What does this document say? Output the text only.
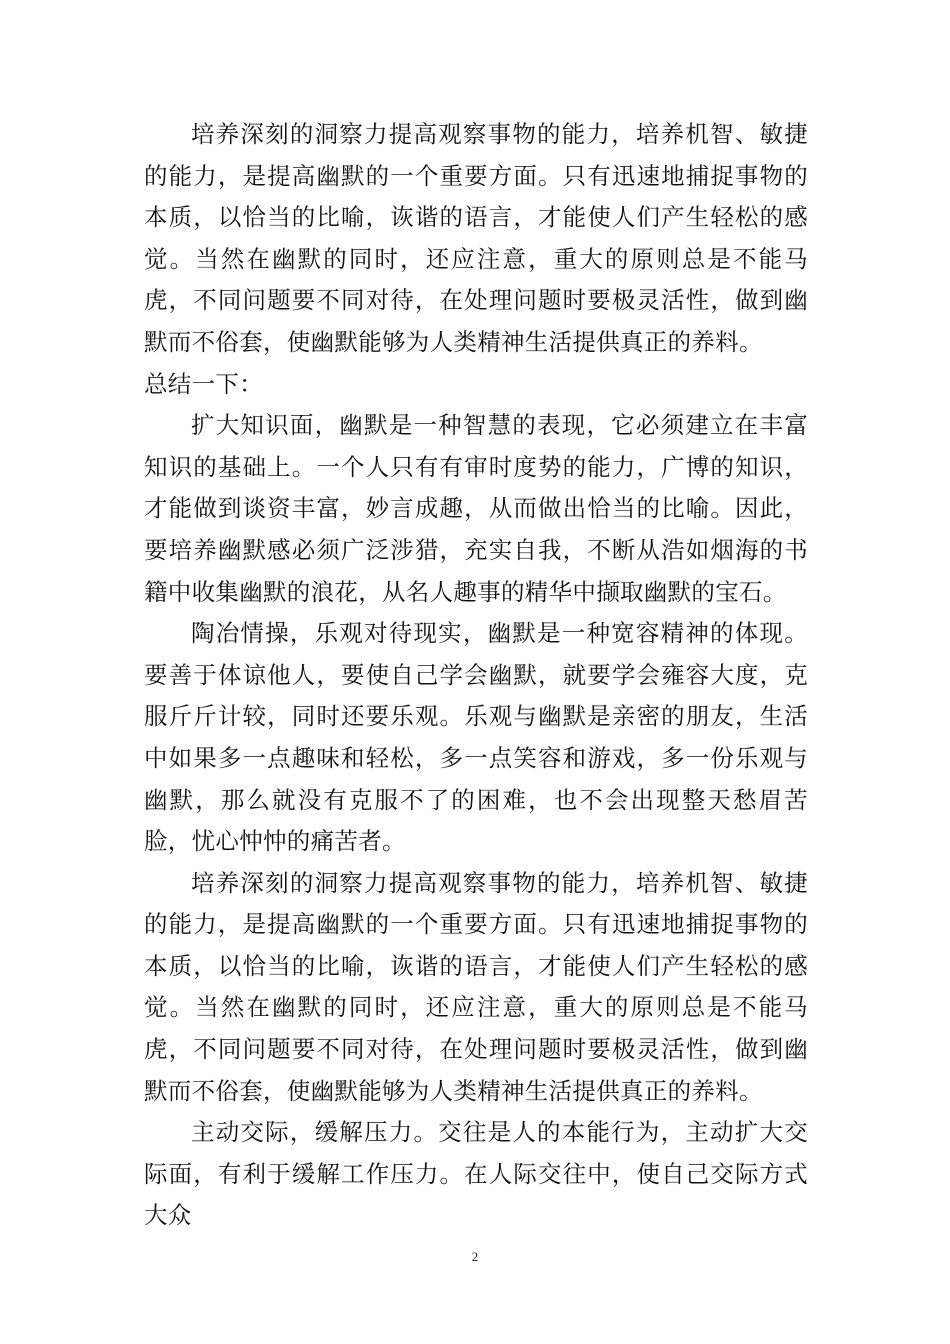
培养深刻的洞察力提高观察事物的能力，培养机智、敏捷的能力，是提高幽默的一个重要方面。只有迅速地捕捉事物的本质，以恰当的比喻，诙谐的语言，才能使人们产生轻松的感觉。当然在幽默的同时，还应注意，重大的原则总是不能马虎，不同问题要不同对待，在处理问题时要极灵活性，做到幽默而不俗套，使幽默能够为人类精神生活提供真正的养料。

总结一下：

扩大知识面，幽默是一种智慧的表现，它必须建立在丰富知识的基础上。一个人只有有审时度势的能力，广博的知识，才能做到谈资丰富，妙言成趣，从而做出恰当的比喻。因此，要培养幽默感必须广泛涉猎，充实自我，不断从浩如烟海的书籍中收集幽默的浪花，从名人趣事的精华中撷取幽默的宝石。

陶冶情操，乐观对待现实，幽默是一种宽容精神的体现。要善于体谅他人，要使自己学会幽默，就要学会雍容大度，克服斤斤计较，同时还要乐观。乐观与幽默是亲密的朋友，生活中如果多一点趣味和轻松，多一点笑容和游戏，多一份乐观与幽默，那么就没有克服不了的困难，也不会出现整天愁眉苦脸，忧心忡忡的痛苦者。

培养深刻的洞察力提高观察事物的能力，培养机智、敏捷的能力，是提高幽默的一个重要方面。只有迅速地捕捉事物的本质，以恰当的比喻，诙谐的语言，才能使人们产生轻松的感觉。当然在幽默的同时，还应注意，重大的原则总是不能马虎，不同问题要不同对待，在处理问题时要极灵活性，做到幽默而不俗套，使幽默能够为人类精神生活提供真正的养料。

主动交际，缓解压力。交往是人的本能行为，主动扩大交际面，有利于缓解工作压力。在人际交往中，使自己交际方式大众

2
